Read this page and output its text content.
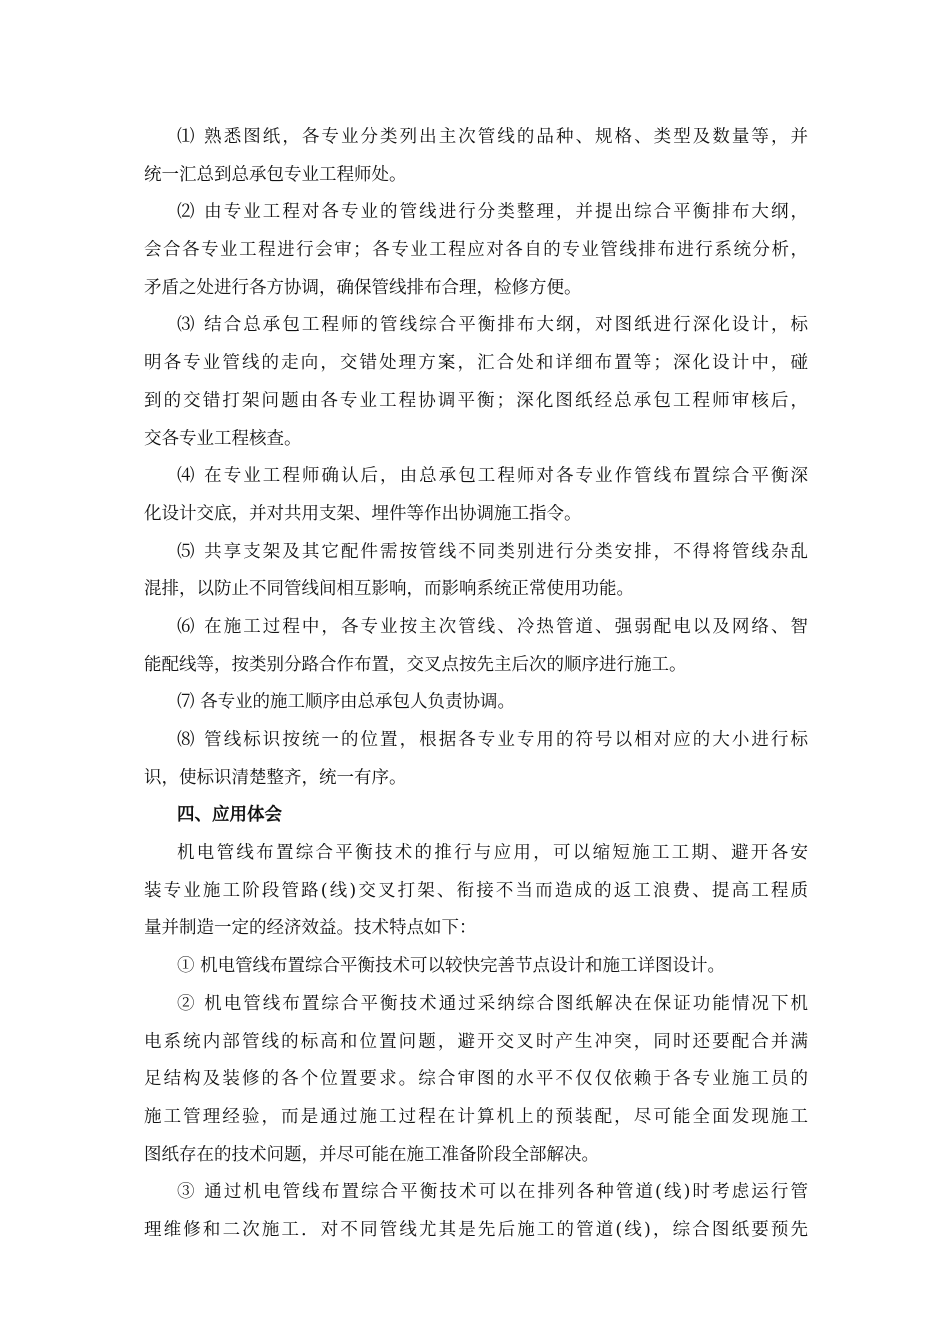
⑴ 熟悉图纸，各专业分类列出主次管线的品种、规格、类型及数量等，并
统一汇总到总承包专业工程师处。
⑵ 由专业工程对各专业的管线进行分类整理，并提出综合平衡排布大纲，
会合各专业工程进行会审；各专业工程应对各自的专业管线排布进行系统分析，
矛盾之处进行各方协调，确保管线排布合理，检修方便。
⑶ 结合总承包工程师的管线综合平衡排布大纲，对图纸进行深化设计，标
明各专业管线的走向，交错处理方案，汇合处和详细布置等；深化设计中，碰
到的交错打架问题由各专业工程协调平衡；深化图纸经总承包工程师审核后，
交各专业工程核查。
⑷ 在专业工程师确认后，由总承包工程师对各专业作管线布置综合平衡深
化设计交底，并对共用支架、埋件等作出协调施工指令。
⑸ 共享支架及其它配件需按管线不同类别进行分类安排，不得将管线杂乱
混排，以防止不同管线间相互影响，而影响系统正常使用功能。
⑹ 在施工过程中，各专业按主次管线、冷热管道、强弱配电以及网络、智
能配线等，按类别分路合作布置，交叉点按先主后次的顺序进行施工。
⑺ 各专业的施工顺序由总承包人负责协调。
⑻ 管线标识按统一的位置，根据各专业专用的符号以相对应的大小进行标
识，使标识清楚整齐，统一有序。
四、应用体会
机电管线布置综合平衡技术的推行与应用，可以缩短施工工期、避开各安
装专业施工阶段管路(线)交叉打架、衔接不当而造成的返工浪费、提高工程质
量并制造一定的经济效益。技术特点如下：
① 机电管线布置综合平衡技术可以较快完善节点设计和施工详图设计。
② 机电管线布置综合平衡技术通过采纳综合图纸解决在保证功能情况下机
电系统内部管线的标高和位置问题，避开交叉时产生冲突，同时还要配合并满
足结构及装修的各个位置要求。综合审图的水平不仅仅依赖于各专业施工员的
施工管理经验，而是通过施工过程在计算机上的预装配，尽可能全面发现施工
图纸存在的技术问题，并尽可能在施工准备阶段全部解决。
③ 通过机电管线布置综合平衡技术可以在排列各种管道(线)时考虑运行管
理维修和二次施工．对不同管线尤其是先后施工的管道(线)，综合图纸要预先
